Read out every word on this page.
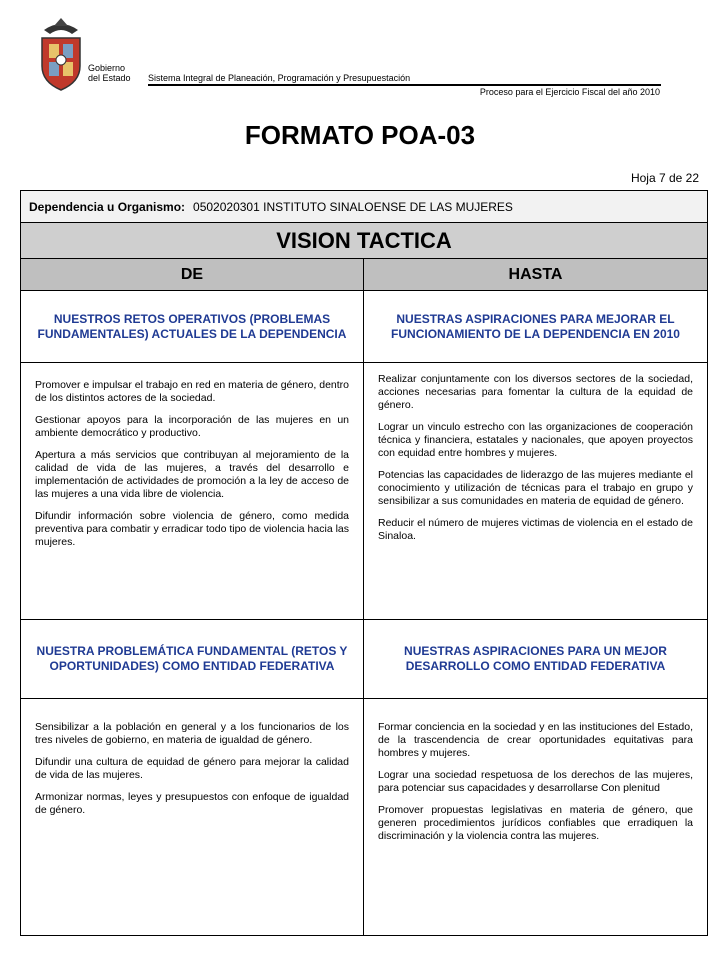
Gobierno
del Estado Sistema Integral de Planeación, Programación y Presupuestación
Proceso para el Ejercicio Fiscal del año 2010
FORMATO POA-03
Hoja 7 de 22
Dependencia u Organismo: 0502020301 INSTITUTO SINALOENSE DE LAS MUJERES
VISION TACTICA
DE	HASTA
NUESTROS RETOS OPERATIVOS (PROBLEMAS FUNDAMENTALES) ACTUALES DE LA DEPENDENCIA
NUESTRAS ASPIRACIONES PARA MEJORAR EL FUNCIONAMIENTO DE LA DEPENDENCIA EN 2010

Promover e impulsar el trabajo en red en materia de género, dentro de los distintos actores de la sociedad.

Gestionar apoyos para la incorporación de las mujeres en un ambiente democrático y productivo.

Apertura a más servicios que contribuyan al mejoramiento de la calidad de vida de las mujeres, a través del desarrollo e implementación de actividades de promoción a la ley de acceso de las mujeres a una vida libre de violencia.

Difundir información sobre violencia de género, como medida preventiva para combatir y erradicar todo tipo de violencia hacia las mujeres.

Realizar conjuntamente con los diversos sectores de la sociedad, acciones necesarias para fomentar la cultura de la equidad de género.

Lograr un vinculo estrecho con las organizaciones de cooperación técnica y financiera, estatales y nacionales, que apoyen proyectos con equidad entre hombres y mujeres.

Potencias las capacidades de liderazgo de las mujeres mediante el conocimiento y utilización de técnicas para el trabajo en grupo y sensibilizar a sus comunidades en materia de equidad de género.

Reducir el número de mujeres victimas de violencia en el estado de Sinaloa.

NUESTRA PROBLEMÁTICA FUNDAMENTAL (RETOS Y OPORTUNIDADES) COMO ENTIDAD FEDERATIVA
NUESTRAS ASPIRACIONES PARA UN MEJOR DESARROLLO COMO ENTIDAD FEDERATIVA

Sensibilizar a la población en general y a los funcionarios de los tres niveles de gobierno, en materia de igualdad de género.

Difundir una cultura de equidad de género para mejorar la calidad de vida de las mujeres.

Armonizar normas, leyes y presupuestos con enfoque de igualdad de género.

Formar conciencia en la sociedad y en las instituciones del Estado, de la trascendencia de crear oportunidades equitativas para hombres y mujeres.

Lograr una sociedad respetuosa de los derechos de las mujeres, para potenciar sus capacidades y desarrollarse Con plenitud

Promover propuestas legislativas en materia de género, que generen procedimientos jurídicos confiables que erradiquen la discriminación y la violencia contra las mujeres.
